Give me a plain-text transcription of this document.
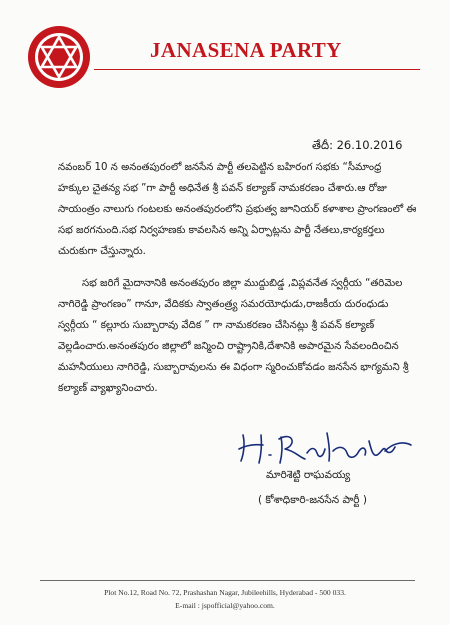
JANASENA PARTY
తేదీ: 26.10.2016
నవంబర్ 10 న అనంతపురంలో జనసేన పార్టీ తలపెట్టిన బహిరంగ సభకు “సీమాంధ్ర
హక్కుల చైతన్య సభ ”గా పార్టీ అధినేత శ్రీ పవన్ కల్యాణ్ నామకరణం చేశారు.ఆ రోజు
సాయంత్రం నాలుగు గంటలకు అనంతపురంలోని ప్రభుత్వ జూనియర్ కళాశాల ప్రాంగణంలో ఈ
సభ జరగనుంది.సభ నిర్వహణకు కావలసిన అన్ని ఏర్పాట్లను పార్టీ నేతలు,కార్యకర్తలు
చురుకుగా చేస్తున్నారు.
సభ జరిగే మైదానానికి అనంతపురం జిల్లా ముద్దుబిడ్డ ,విప్లవనేత స్వర్గీయ “తరిమెల
నాగిరెడ్డి ప్రాంగణం” గానూ, వేదికకు స్వాతంత్ర్య సమరయోధుడు,రాజకీయ దురంధుడు
స్వర్గీయ “ కల్లూరు సుబ్బారావు వేదిక ” గా నామకరణం చేసినట్లు శ్రీ పవన్ కల్యాణ్
వెల్లడించారు.అనంతపురం జిల్లాలో జన్మించి రాష్ట్రానికి,దేశానికి అపారమైన సేవలందించిన
మహనీయులు నాగిరెడ్డి, సుబ్బారావులను ఈ విధంగా స్మరించుకోవడం జనసేన భాగ్యమని శ్రీ
కల్యాణ్ వ్యాఖ్యానించారు.
మారిశెట్టి రాఘవయ్య
( కోశాధికారి-జనసేన పార్టీ )
Plot No.12, Road No. 72, Prashashan Nagar, Jubileehills, Hyderabad - 500 033.
E-mail : jspofficial@yahoo.com.
